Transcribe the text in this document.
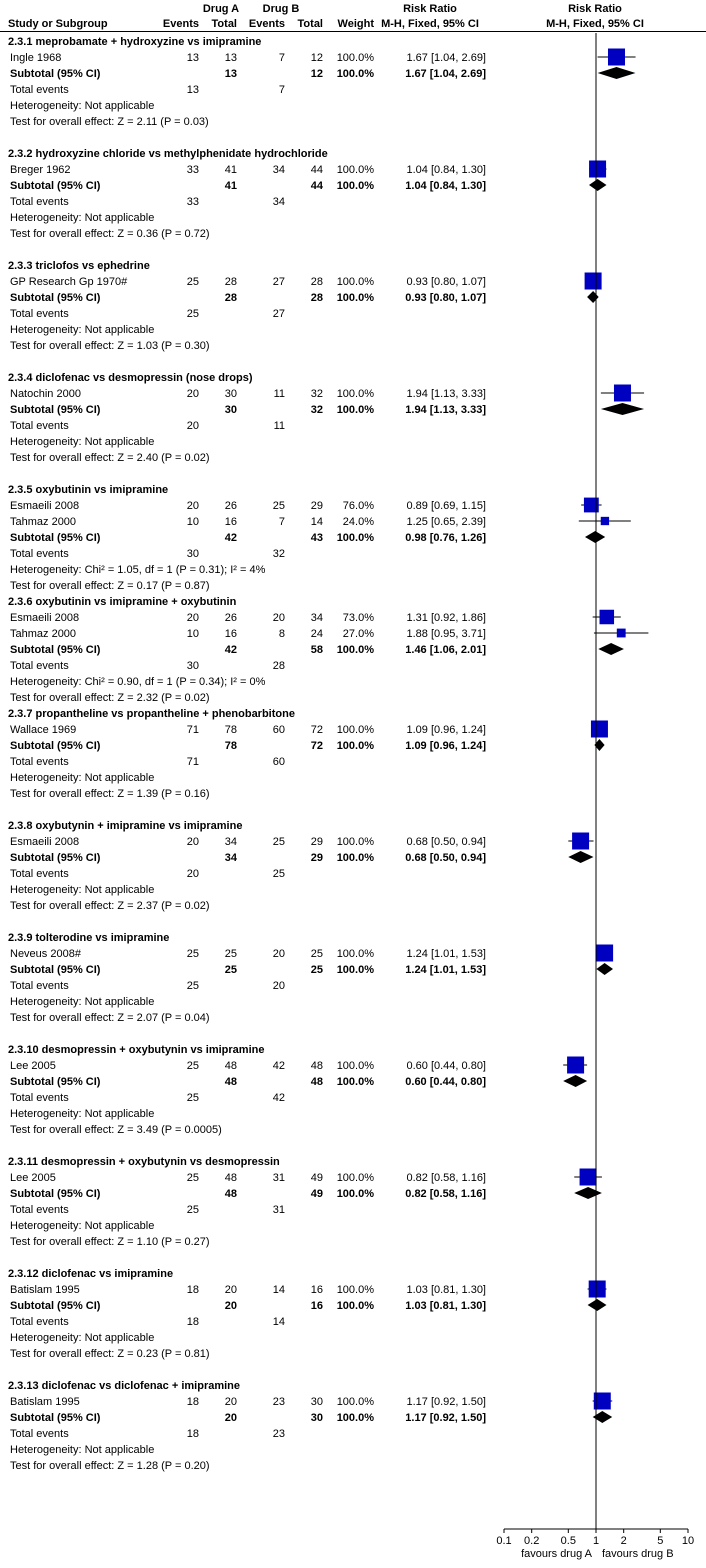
Drug A Drug B	Risk Ratio	Risk Ratio
Study or Subgroup	Events Total Events Total Weight M-H, Fixed, 95% CI	M-H, Fixed, 95% CI
2.3.1 meprobamate + hydroxyzine vs imipramine
Ingle 1968	13 13	7 12 100.0%	1.67 [1.04, 2.69]
Subtotal (95% CI)	13	12 100.0%	1.67 [1.04, 2.69]
Total events	13	7
Heterogeneity: Not applicable
Test for overall effect: Z = 2.11 (P = 0.03)
2.3.2 hydroxyzine chloride vs methylphenidate hydrochloride
Breger 1962	33 41	34 44 100.0%	1.04 [0.84, 1.30]
Subtotal (95% CI)	41	44 100.0%	1.04 [0.84, 1.30]
Total events	33	34
Heterogeneity: Not applicable
Test for overall effect: Z = 0.36 (P = 0.72)
2.3.3 triclofos vs ephedrine
GP Research Gp 1970#	25 28	27 28 100.0%	0.93 [0.80, 1.07]
Subtotal (95% CI)	28	28 100.0%	0.93 [0.80, 1.07]
Total events	25	27
Heterogeneity: Not applicable
Test for overall effect: Z = 1.03 (P = 0.30)
2.3.4 diclofenac vs desmopressin (nose drops)
Natochin 2000	20 30	11 32 100.0%	1.94 [1.13, 3.33]
Subtotal (95% CI)	30	32 100.0%	1.94 [1.13, 3.33]
Total events	20	11
Heterogeneity: Not applicable
Test for overall effect: Z = 2.40 (P = 0.02)
2.3.5 oxybutinin vs imipramine
Esmaeili 2008	20 26	25 29 76.0%	0.89 [0.69, 1.15]
Tahmaz 2000	10 16	7 14 24.0%	1.25 [0.65, 2.39]
Subtotal (95% CI)	42	43 100.0%	0.98 [0.76, 1.26]
Total events	30	32
Heterogeneity: Chi² = 1.05, df = 1 (P = 0.31); I² = 4%
Test for overall effect: Z = 0.17 (P = 0.87)
2.3.6 oxybutinin vs imipramine + oxybutinin
Esmaeili 2008	20 26	20 34 73.0%	1.31 [0.92, 1.86]
Tahmaz 2000	10 16	8 24 27.0%	1.88 [0.95, 3.71]
Subtotal (95% CI)	42	58 100.0%	1.46 [1.06, 2.01]
Total events	30	28
Heterogeneity: Chi² = 0.90, df = 1 (P = 0.34); I² = 0%
Test for overall effect: Z = 2.32 (P = 0.02)
2.3.7 propantheline vs propantheline + phenobarbitone
Wallace 1969	71 78	60 72 100.0%	1.09 [0.96, 1.24]
Subtotal (95% CI)	78	72 100.0%	1.09 [0.96, 1.24]
Total events	71	60
Heterogeneity: Not applicable
Test for overall effect: Z = 1.39 (P = 0.16)
2.3.8 oxybutynin + imipramine vs imipramine
Esmaeili 2008	20 34	25 29 100.0%	0.68 [0.50, 0.94]
Subtotal (95% CI)	34	29 100.0%	0.68 [0.50, 0.94]
Total events	20	25
Heterogeneity: Not applicable
Test for overall effect: Z = 2.37 (P = 0.02)
2.3.9 tolterodine vs imipramine
Neveus 2008#	25 25	20 25 100.0%	1.24 [1.01, 1.53]
Subtotal (95% CI)	25	25 100.0%	1.24 [1.01, 1.53]
Total events	25	20
Heterogeneity: Not applicable
Test for overall effect: Z = 2.07 (P = 0.04)
2.3.10 desmopressin + oxybutynin vs imipramine
Lee 2005	25 48	42 48 100.0%	0.60 [0.44, 0.80]
Subtotal (95% CI)	48	48 100.0%	0.60 [0.44, 0.80]
Total events	25	42
Heterogeneity: Not applicable
Test for overall effect: Z = 3.49 (P = 0.0005)
2.3.11 desmopressin + oxybutynin vs desmopressin
Lee 2005	25 48	31 49 100.0%	0.82 [0.58, 1.16]
Subtotal (95% CI)	48	49 100.0%	0.82 [0.58, 1.16]
Total events	25	31
Heterogeneity: Not applicable
Test for overall effect: Z = 1.10 (P = 0.27)
2.3.12 diclofenac vs imipramine
Batislam 1995	18 20	14 16 100.0%	1.03 [0.81, 1.30]
Subtotal (95% CI)	20	16 100.0%	1.03 [0.81, 1.30]
Total events	18	14
Heterogeneity: Not applicable
Test for overall effect: Z = 0.23 (P = 0.81)
2.3.13 diclofenac vs diclofenac + imipramine
Batislam 1995	18 20	23 30 100.0%	1.17 [0.92, 1.50]
Subtotal (95% CI)	20	30 100.0%	1.17 [0.92, 1.50]
Total events	18	23
Heterogeneity: Not applicable
Test for overall effect: Z = 1.28 (P = 0.20)
0.1 0.2 0.5 1 2	5 10
favours drug A favours drug B
